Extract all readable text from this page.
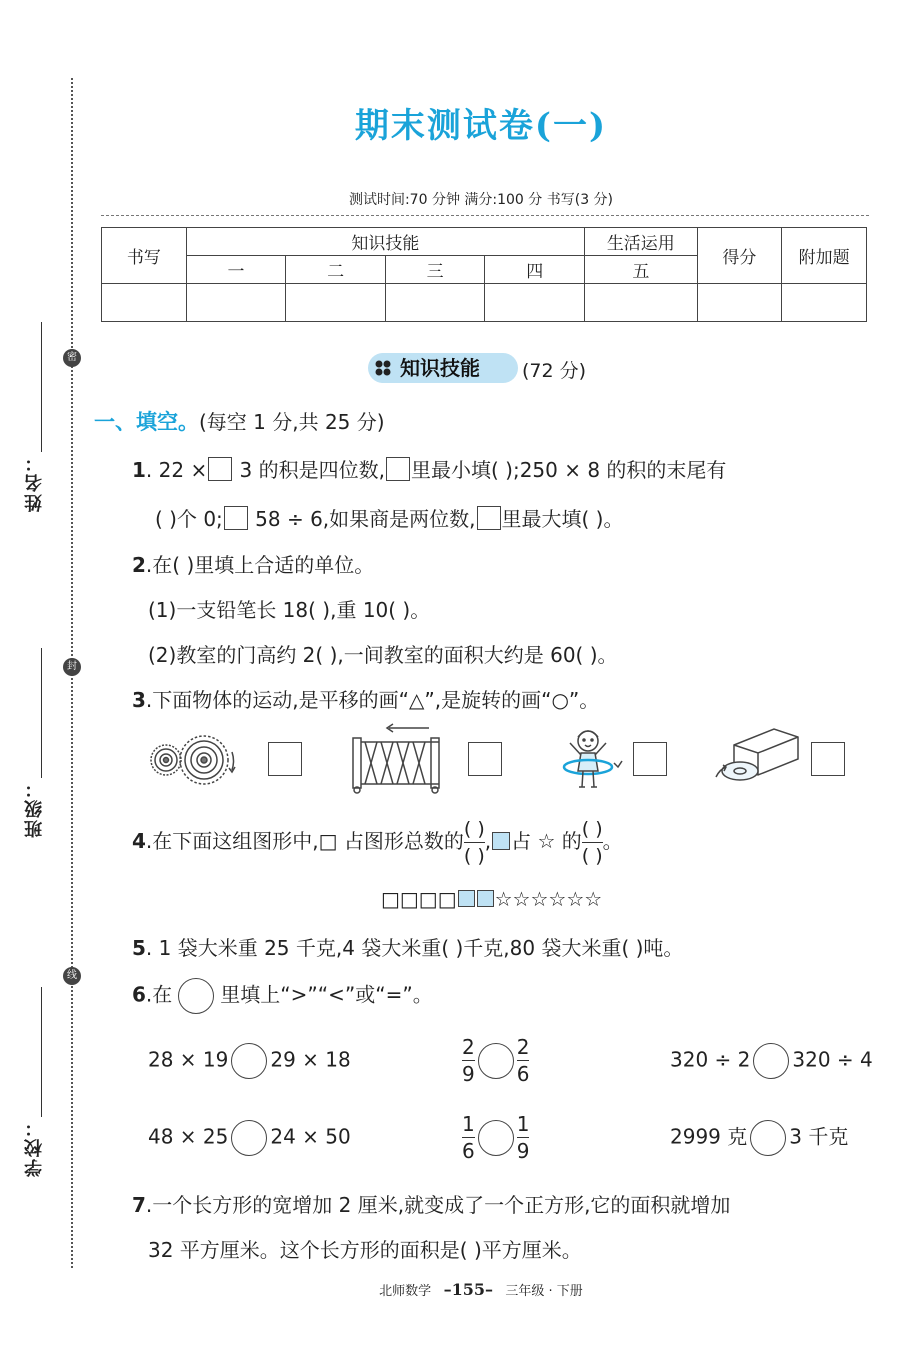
密
封
线
姓名：
班级：
学校：
期末测试卷(一)
测试时间:70 分钟 满分:100 分 书写(3 分)
书写	知识技能				生活运用	得分	附加题
	一	二	三	四	五		

知识技能	(72 分)
一、填空。(每空 1 分,共 25 分)
1. 22 × 3 的积是四位数, 里最小填( );250 × 8 的积的末尾有
( )个 0; 58 ÷ 6,如果商是两位数, 里最大填( )。
2.在( )里填上合适的单位。
(1)一支铅笔长 18( ),重 10( )。
(2)教室的门高约 2( ),一间教室的面积大约是 60( )。
3.下面物体的运动,是平移的画“△”,是旋转的画“○”。
4.在下面这组图形中,□ 占图形总数的 $\frac{( )}{( )}$ , 占 ☆ 的 $\frac{( )}{( )}$ 。
□□□□ ☆☆☆☆☆☆
5. 1 袋大米重 25 千克,4 袋大米重( )千克,80 袋大米重( )吨。
6.在 里填上“>”“<”或“=”。
28 × 19 29 × 18	$\frac{2}{9} \frac{2}{6}$	320 ÷ 2 320 ÷ 4
48 × 25 24 × 50	$\frac{1}{6} \frac{1}{9}$	2999 克 3 千克
7.一个长方形的宽增加 2 厘米,就变成了一个正方形,它的面积就增加
32 平方厘米。这个长方形的面积是( )平方厘米。
北师数学 –155– 三年级 · 下册
